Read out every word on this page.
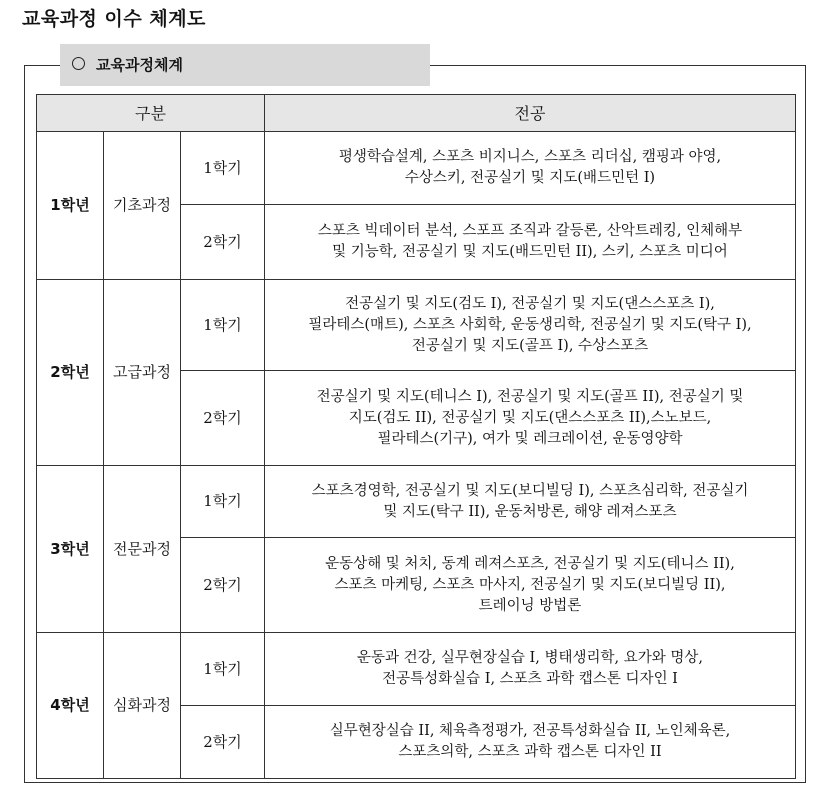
교육과정 이수 체계도
교육과정체계
구분			전공
1학년	기초과정	1학기	평생학습설계, 스포츠 비지니스, 스포츠 리더십, 캠핑과 야영,
수상스키, 전공실기 및 지도(배드민턴 I)

		2학기	스포츠 빅데이터 분석, 스포프 조직과 갈등론, 산악트레킹, 인체해부
및 기능학, 전공실기 및 지도(배드민턴 II), 스키, 스포츠 미디어

2학년	고급과정	1학기	전공실기 및 지도(검도 I), 전공실기 및 지도(댄스스포츠 I),
필라테스(매트), 스포츠 사회학, 운동생리학, 전공실기 및 지도(탁구 I),
전공실기 및 지도(골프 I), 수상스포츠

		2학기	전공실기 및 지도(테니스 I), 전공실기 및 지도(골프 II), 전공실기 및
지도(검도 II), 전공실기 및 지도(댄스스포츠 II),스노보드,
필라테스(기구), 여가 및 레크레이션, 운동영양학

3학년	전문과정	1학기	스포츠경영학, 전공실기 및 지도(보디빌딩 I), 스포츠심리학, 전공실기
및 지도(탁구 II), 운동처방론, 해양 레져스포츠

		2학기	운동상해 및 처치, 동계 레져스포츠, 전공실기 및 지도(테니스 II),
스포츠 마케팅, 스포츠 마사지, 전공실기 및 지도(보디빌딩 II),
트레이닝 방법론

4학년	심화과정	1학기	운동과 건강, 실무현장실습 I, 병태생리학, 요가와 명상,
전공특성화실습 I, 스포츠 과학 캡스톤 디자인 I

		2학기	실무현장실습 II, 체육측정평가, 전공특성화실습 II, 노인체육론,
스포츠의학, 스포츠 과학 캡스톤 디자인 II
